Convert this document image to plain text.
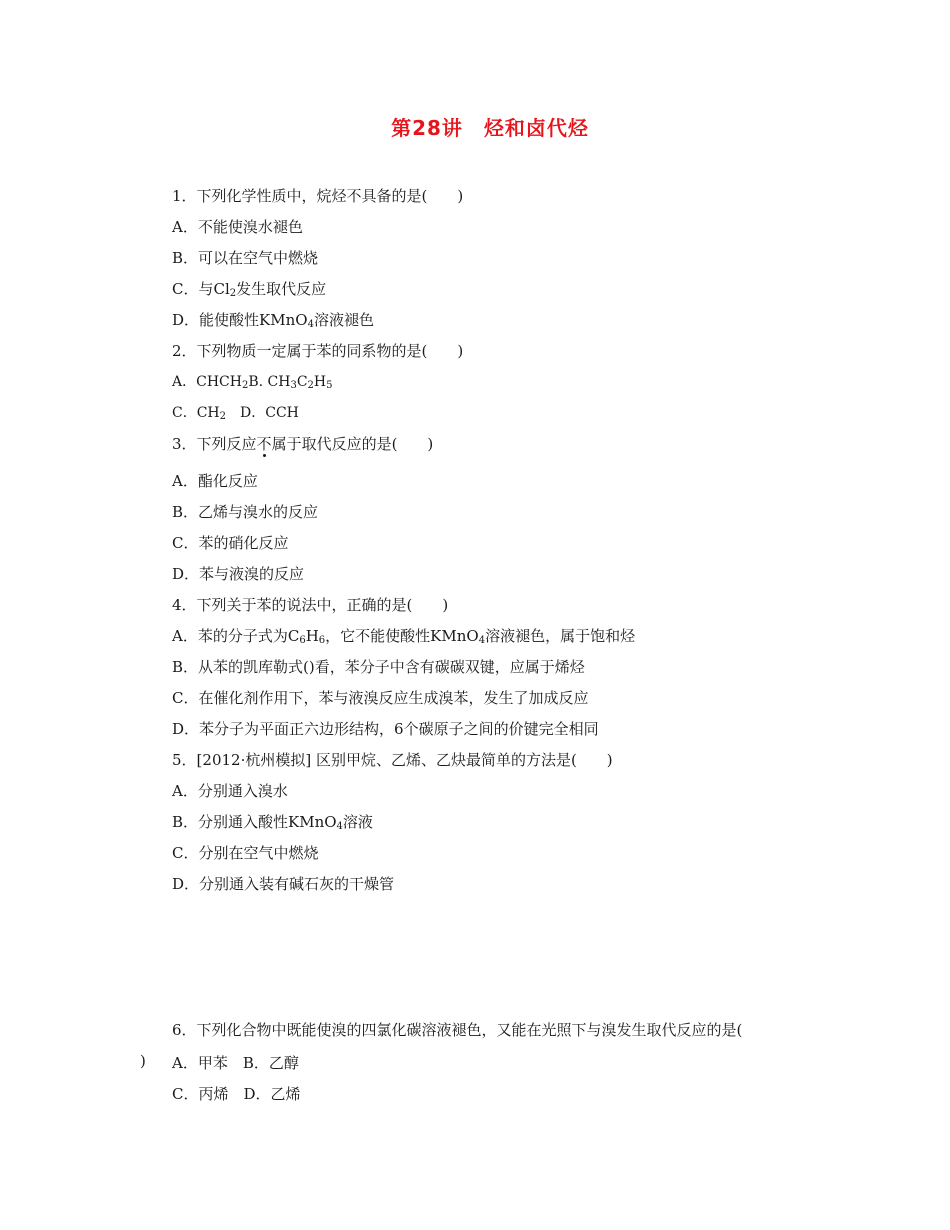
第28讲　烃和卤代烃
1．下列化学性质中，烷烃不具备的是(　　)
A．不能使溴水褪色
B．可以在空气中燃烧
C．与$Cl_2$发生取代反应
D．能使酸性KMnO$_4$溶液褪色
2．下列物质一定属于苯的同系物的是(　　)
A．$CHCH_2B$. $CH_3C_2H_5$
C．$CH_2$　D．CCH
3．下列反应不属于取代反应的是(　　)
A．酯化反应
B．乙烯与溴水的反应
C．苯的硝化反应
D．苯与液溴的反应
4．下列关于苯的说法中，正确的是(　　)
A．苯的分子式为$C_6H_6$，它不能使酸性KMnO$_4$溶液褪色，属于饱和烃
B．从苯的凯库勒式()看，苯分子中含有碳碳双键，应属于烯烃
C．在催化剂作用下，苯与液溴反应生成溴苯，发生了加成反应
D．苯分子为平面正六边形结构，6个碳原子之间的价键完全相同
5．[2012·杭州模拟] 区别甲烷、乙烯、乙炔最简单的方法是(　　)
A．分别通入溴水
B．分别通入酸性KMnO$_4$溶液
C．分别在空气中燃烧
D．分别通入装有碱石灰的干燥管
6．下列化合物中既能使溴的四氯化碳溶液褪色，又能在光照下与溴发生取代反应的是(
) A．甲苯　B．乙醇
C．丙烯　D．乙烯
